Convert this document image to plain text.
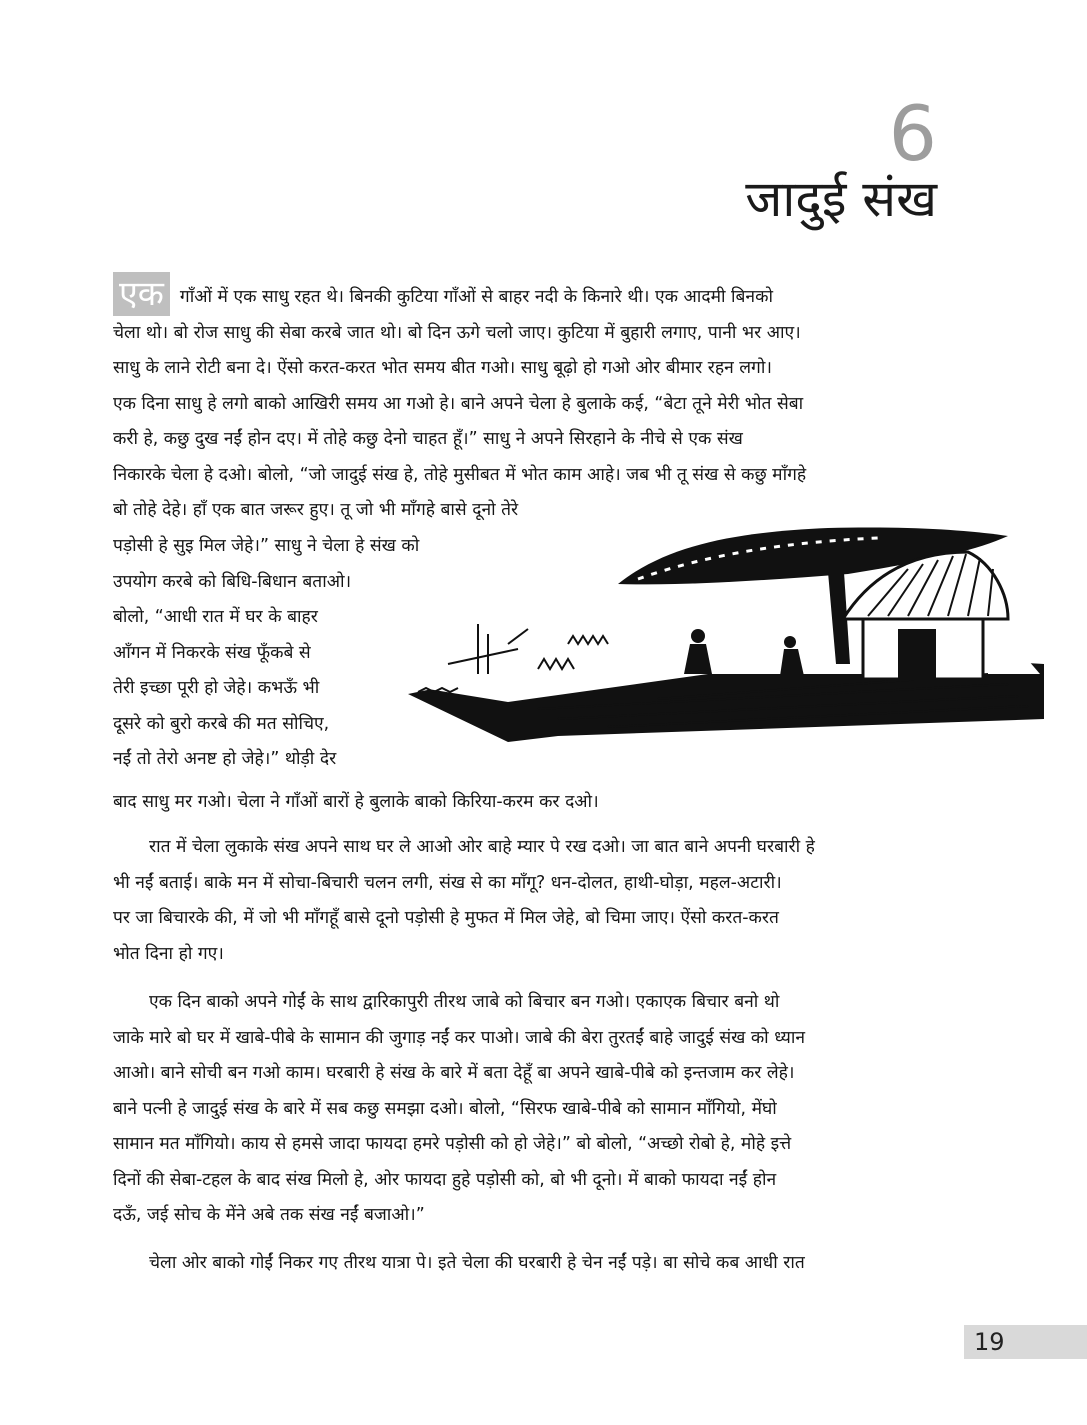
6
जादुई संख
एक गाँओं में एक साधु रहत थे। बिनकी कुटिया गाँओं से बाहर नदी के किनारे थी। एक आदमी बिनको
चेला थो। बो रोज साधु की सेबा करबे जात थो। बो दिन ऊगे चलो जाए। कुटिया में बुहारी लगाए, पानी भर आए।
साधु के लाने रोटी बना दे। ऐंसो करत-करत भोत समय बीत गओ। साधु बूढ़ो हो गओ ओर बीमार रहन लगो।
एक दिना साधु हे लगो बाको आखिरी समय आ गओ हे। बाने अपने चेला हे बुलाके कई, “बेटा तूने मेरी भोत सेबा
करी हे, कछु दुख नईं होन दए। में तोहे कछु देनो चाहत हूँ।” साधु ने अपने सिरहाने के नीचे से एक संख
निकारके चेला हे दओ। बोलो, “जो जादुई संख हे, तोहे मुसीबत में भोत काम आहे। जब भी तू संख से कछु माँगहे
बो तोहे देहे। हाँ एक बात जरूर हुए। तू जो भी माँगहे बासे दूनो तेरे
पड़ोसी हे सुइ मिल जेहे।” साधु ने चेला हे संख को
उपयोग करबे को बिधि-बिधान बताओ।
बोलो, “आधी रात में घर के बाहर
आँगन में निकरके संख फूँकबे से
तेरी इच्छा पूरी हो जेहे। कभऊँ भी
दूसरे को बुरो करबे की मत सोचिए,
नईं तो तेरो अनष्ट हो जेहे।” थोड़ी देर
बाद साधु मर गओ। चेला ने गाँओं बारों हे बुलाके बाको किरिया-करम कर दओ।
रात में चेला लुकाके संख अपने साथ घर ले आओ ओर बाहे म्यार पे रख दओ। जा बात बाने अपनी घरबारी हे
भी नईं बताई। बाके मन में सोचा-बिचारी चलन लगी, संख से का माँगू? धन-दोलत, हाथी-घोड़ा, महल-अटारी।
पर जा बिचारके की, में जो भी माँगहूँ बासे दूनो पड़ोसी हे मुफत में मिल जेहे, बो चिमा जाए। ऐंसो करत-करत
भोत दिना हो गए।
एक दिन बाको अपने गोईं के साथ द्वारिकापुरी तीरथ जाबे को बिचार बन गओ। एकाएक बिचार बनो थो
जाके मारे बो घर में खाबे-पीबे के सामान की जुगाड़ नईं कर पाओ। जाबे की बेरा तुरतईं बाहे जादुई संख को ध्यान
आओ। बाने सोची बन गओ काम। घरबारी हे संख के बारे में बता देहूँ बा अपने खाबे-पीबे को इन्तजाम कर लेहे।
बाने पत्नी हे जादुई संख के बारे में सब कछु समझा दओ। बोलो, “सिरफ खाबे-पीबे को सामान माँगियो, मेंघो
सामान मत माँगियो। काय से हमसे जादा फायदा हमरे पड़ोसी को हो जेहे।” बो बोलो, “अच्छो रोबो हे, मोहे इत्ते
दिनों की सेबा-टहल के बाद संख मिलो हे, ओर फायदा हुहे पड़ोसी को, बो भी दूनो। में बाको फायदा नईं होन
दऊँ, जई सोच के मेंने अबे तक संख नईं बजाओ।”
चेला ओर बाको गोईं निकर गए तीरथ यात्रा पे। इते चेला की घरबारी हे चेन नईं पड़े। बा सोचे कब आधी रात
19
